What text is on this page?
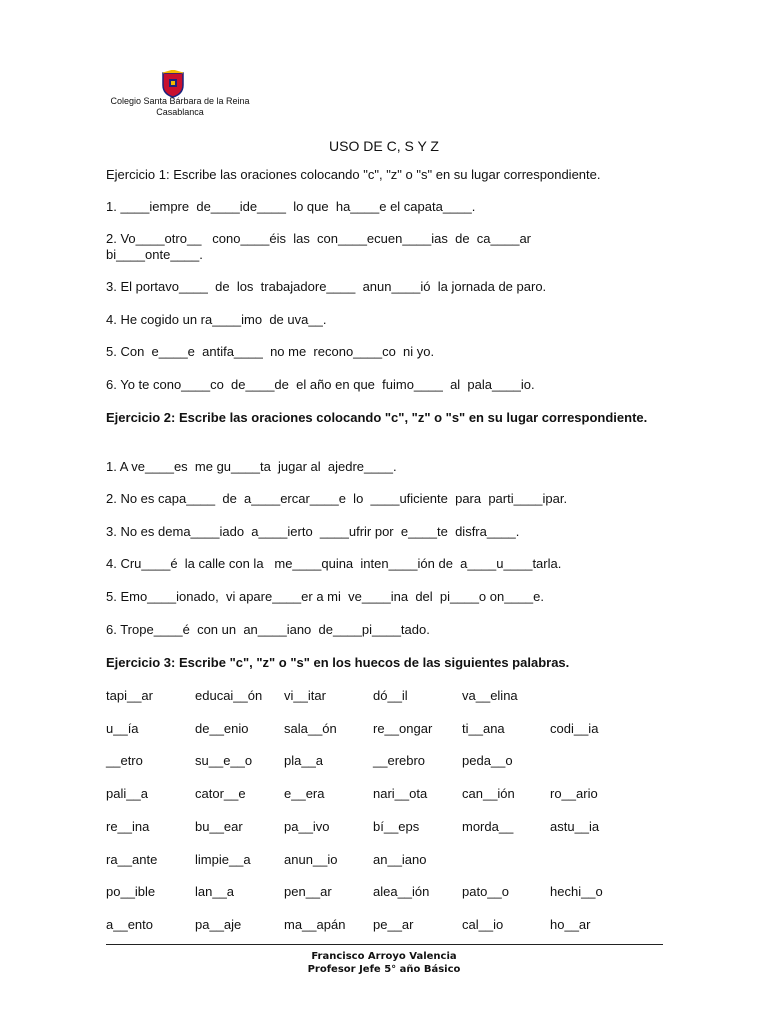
Colegio Santa Bárbara de la Reina
Casablanca
USO DE C, S Y Z
Ejercicio 1: Escribe las oraciones colocando "c", "z" o "s" en su lugar correspondiente.
1. ____iempre  de____ide____  lo que  ha____e el capata____.
2. Vo____otro__   cono____éis  las  con____ecuen____ias  de  ca____ar
bi____onte____.
3. El portavo____  de  los  trabajadore____  anun____ió  la jornada de paro.
4. He cogido un ra____imo  de uva__.
5. Con  e____e  antifa____  no me  recono____co  ni yo.
6. Yo te cono____co  de____de  el año en que  fuimo____  al  pala____io.
Ejercicio 2: Escribe las oraciones colocando "c", "z" o "s" en su lugar correspondiente.
1. A ve____es  me gu____ta  jugar al  ajedre____.
2. No es capa____  de  a____ercar____e  lo  ____uficiente  para  parti____ipar.
3. No es dema____iado  a____ierto  ____ufrir por  e____te  disfra____.
4. Cru____é  la calle con la   me____quina  inten____ión de  a____u____tarla.
5. Emo____ionado,  vi apare____er a mi  ve____ina  del  pi____o on____e.
6. Trope____é  con un  an____iano  de____pi____tado.
Ejercicio 3: Escribe "c", "z" o "s" en los huecos de las siguientes palabras.
tapi__ar	educai__ón vi__itar	dó__il	va__elina
u__ía	de__enio	sala__ón	re__ongar ti__ana	codi__ia
__etro	su__e__o pla__a	__erebro	peda__o
pali__a	cator__e	e__era	nari__ota	can__ión	ro__ario
re__ina	bu__ear	pa__ivo	bí__eps	morda__	astu__ia
ra__ante	limpie__a	anun__io	an__iano
po__ible	lan__a	pen__ar	alea__ión	pato__o	hechi__o
a__ento	pa__aje	ma__apán pe__ar	cal__io	ho__ar
Francisco Arroyo Valencia
Profesor Jefe 5° año Básico
